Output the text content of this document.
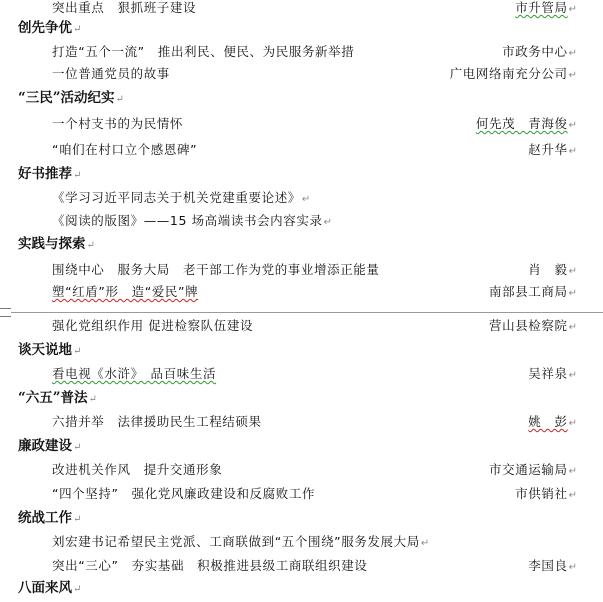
突出重点　狠抓班子建设	市升管局↵
创先争优↵
打造“五个一流”　推出利民、便民、为民服务新举措	市政务中心↵
一位普通党员的故事	广电网络南充分公司↵
“三民”活动纪实↵
一个村支书的为民情怀	何先茂　青海俊↵
“咱们在村口立个感恩碑”	赵升华↵
好书推荐↵
《学习习近平同志关于机关党建重要论述》↵
《阅读的版图》——15 场高端读书会内容实录↵
实践与探索↵
围绕中心　服务大局　老干部工作为党的事业增添正能量	肖　毅↵
塑“红盾”形　造“爱民”牌	南部县工商局↵
强化党组织作用 促进检察队伍建设	营山县检察院↵
谈天说地↵
看电视《水浒》　品百味生活	吴祥泉↵
“六五”普法↵
六措并举　法律援助民生工程结硕果	姚　彭↵
廉政建设↵
改进机关作风　提升交通形象	市交通运输局↵
“四个坚持”　强化党风廉政建设和反腐败工作	市供销社↵
统战工作↵
刘宏建书记希望民主党派、工商联做到“五个围绕”服务发展大局↵
突出“三心”　夯实基础　积极推进县级工商联组织建设	李国良↵
八面来风↵
